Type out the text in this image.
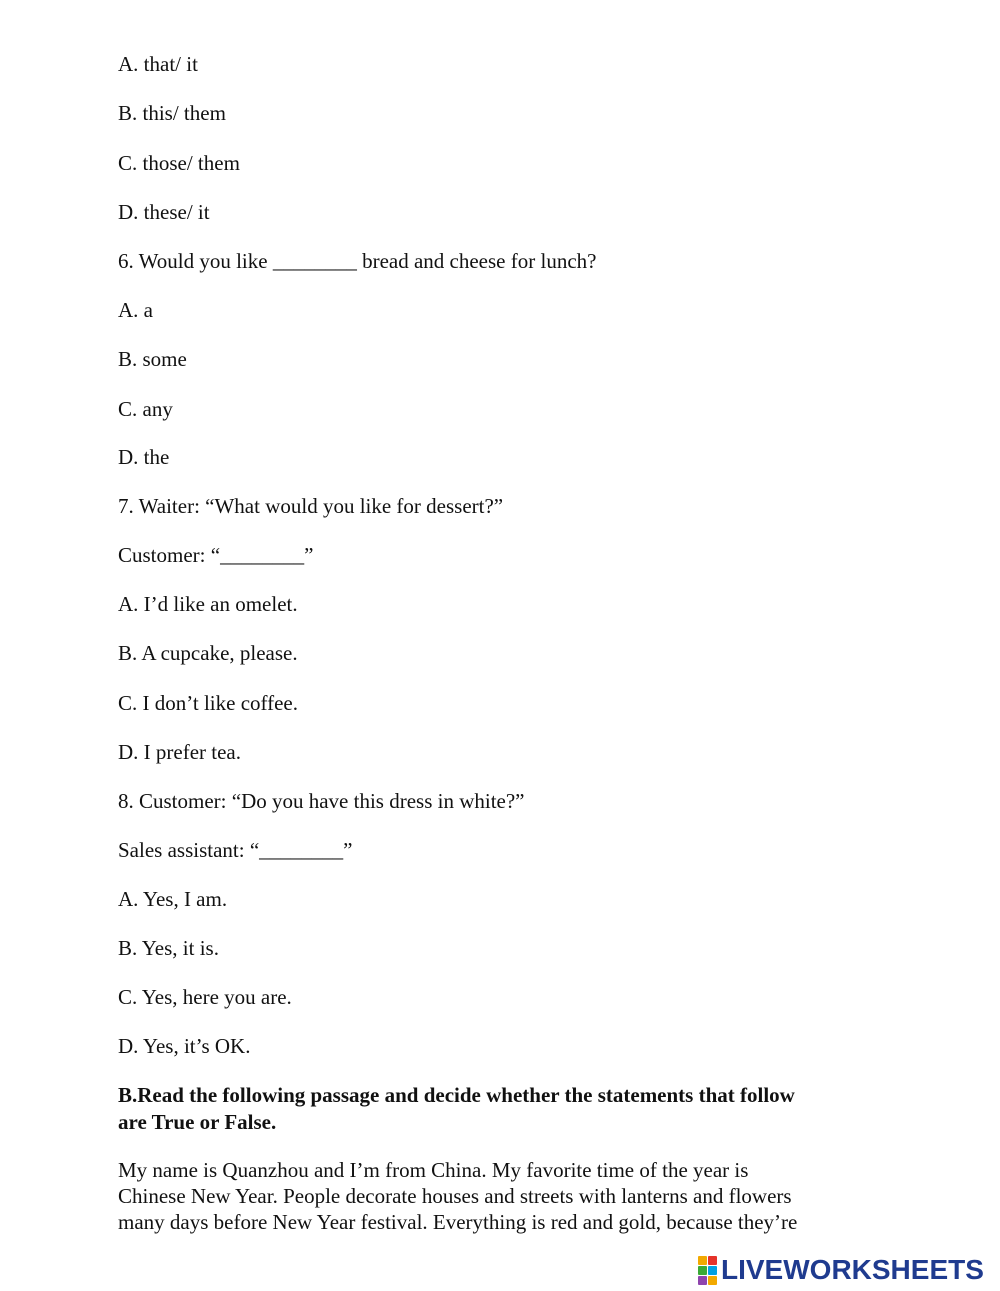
A. that/ it
B. this/ them
C. those/ them
D. these/ it
6. Would you like ________ bread and cheese for lunch?
A. a
B. some
C. any
D. the
7. Waiter: “What would you like for dessert?”
Customer: “________”
A. I’d like an omelet.
B. A cupcake, please.
C. I don’t like coffee.
D. I prefer tea.
8. Customer: “Do you have this dress in white?”
Sales assistant: “________”
A. Yes, I am.
B. Yes, it is.
C. Yes, here you are.
D. Yes, it’s OK.
B.Read the following passage and decide whether the statements that follow
are True or False.
My name is Quanzhou and I’m from China. My favorite time of the year is
Chinese New Year. People decorate houses and streets with lanterns and flowers
many days before New Year festival. Everything is red and gold, because they’re
LIVEWORKSHEETS
